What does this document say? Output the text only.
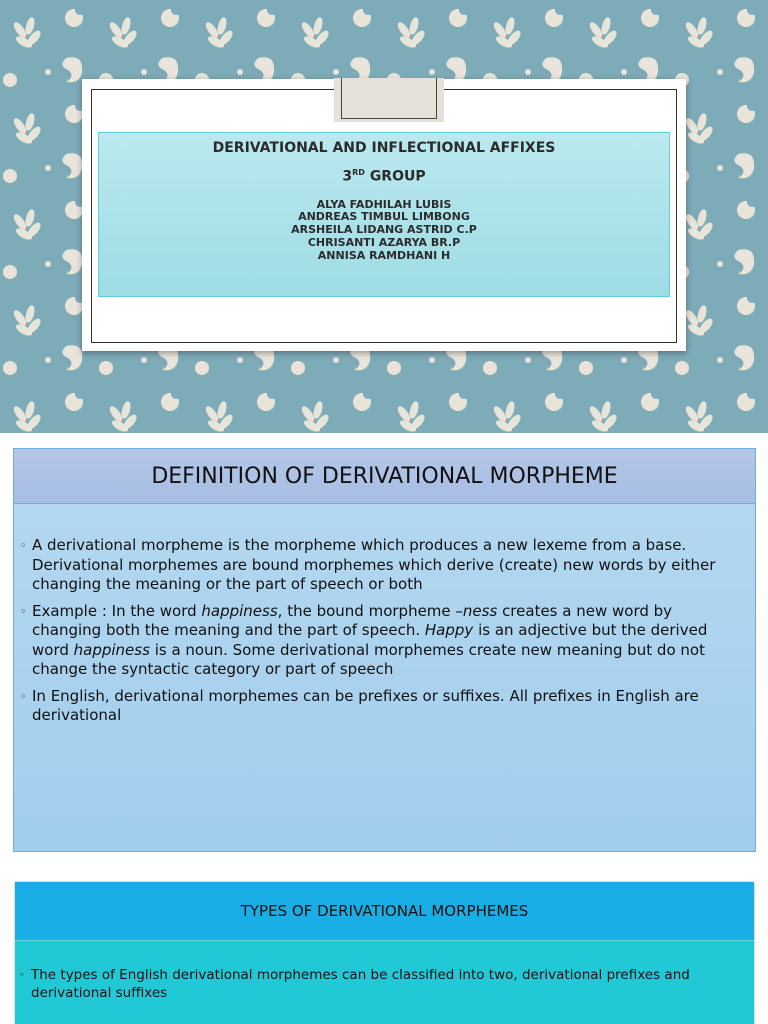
DERIVATIONAL AND INFLECTIONAL AFFIXES
3RD GROUP
ALYA FADHILAH LUBIS
ANDREAS TIMBUL LIMBONG
ARSHEILA LIDANG ASTRID C.P
CHRISANTI AZARYA BR.P
ANNISA RAMDHANI H
DEFINITION OF DERIVATIONAL MORPHEME
◦ A derivational morpheme is the morpheme which produces a new lexeme from a base. Derivational morphemes are bound morphemes which derive (create) new words by either changing the meaning or the part of speech or both
◦ Example : In the word happiness, the bound morpheme –ness creates a new word by changing both the meaning and the part of speech. Happy is an adjective but the derived word happiness is a noun. Some derivational morphemes create new meaning but do not change the syntactic category or part of speech
◦ In English, derivational morphemes can be prefixes or suffixes. All prefixes in English are derivational
TYPES OF DERIVATIONAL MORPHEMES
◦ The types of English derivational morphemes can be classified into two, derivational prefixes and derivational suffixes
